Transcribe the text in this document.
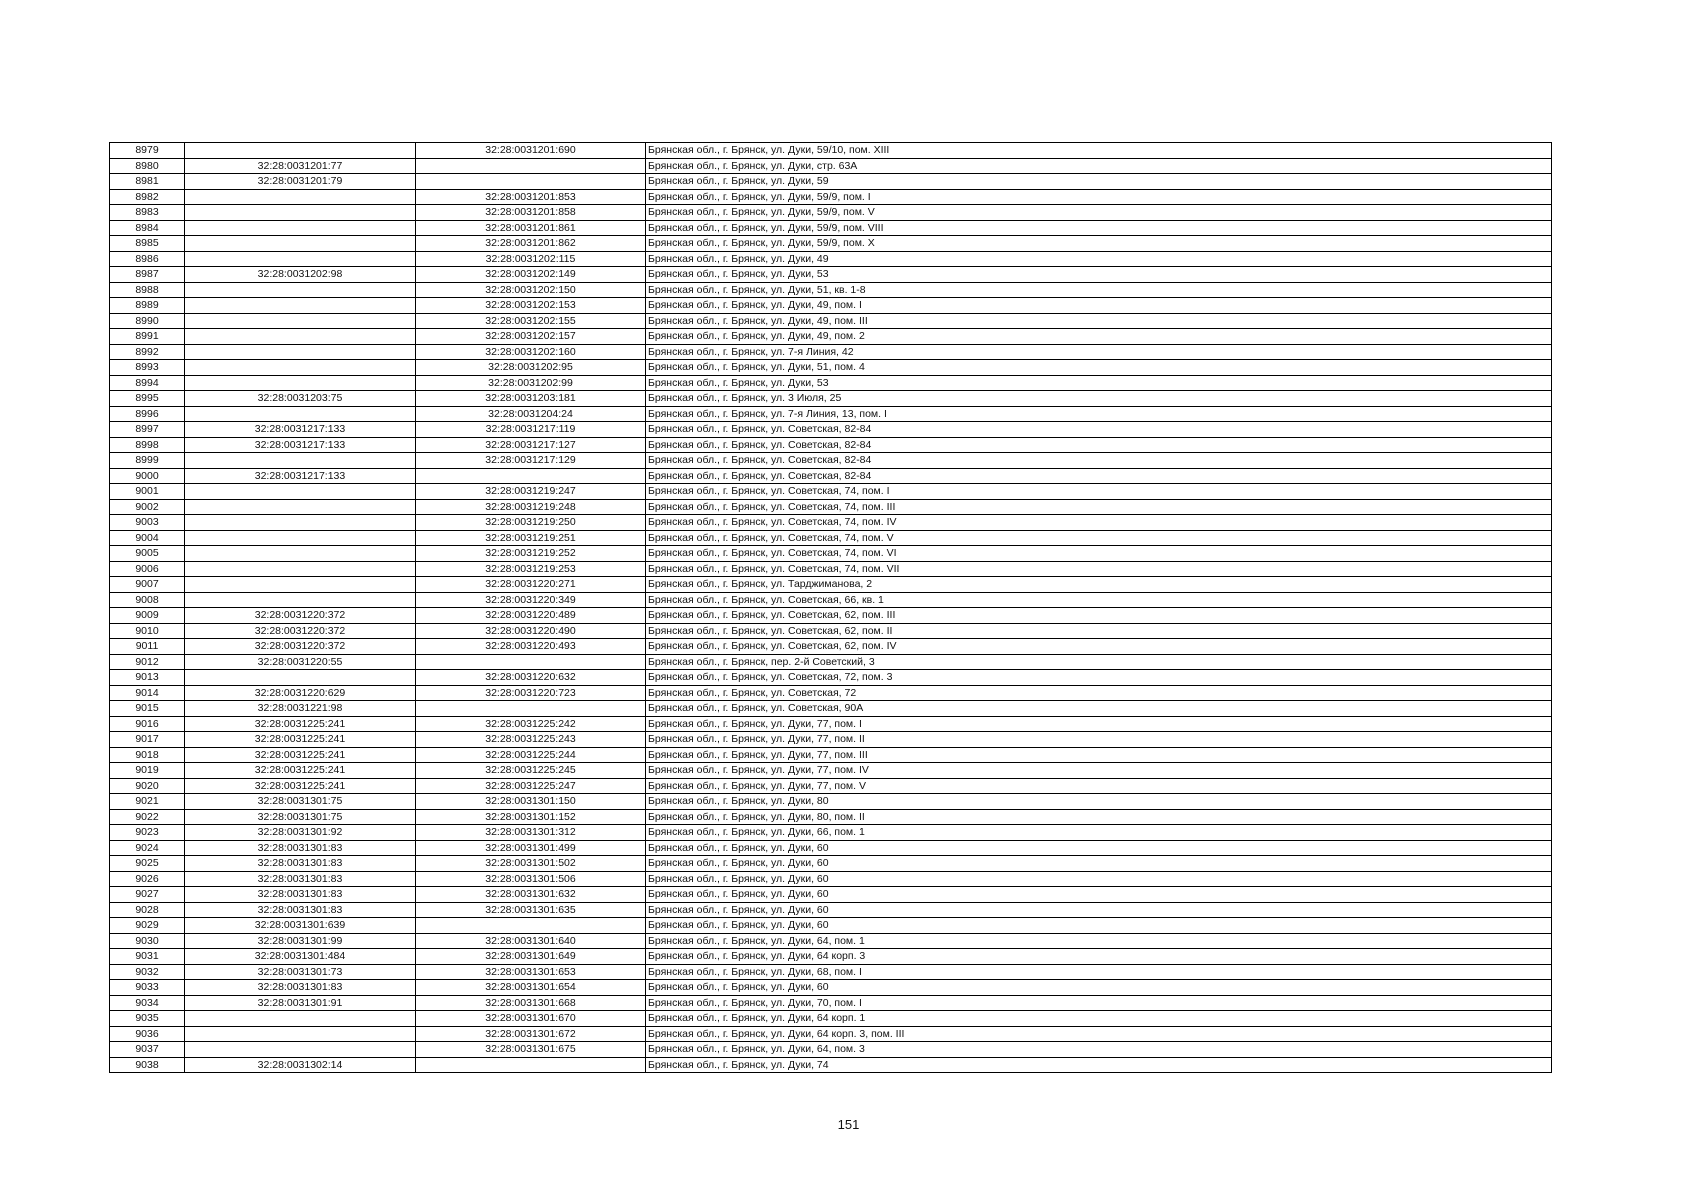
8979		32:28:0031201:690	Брянская обл., г. Брянск, ул. Дуки, 59/10, пом. XIII
8980	32:28:0031201:77		Брянская обл., г. Брянск, ул. Дуки, стр. 63А
8981	32:28:0031201:79		Брянская обл., г. Брянск, ул. Дуки, 59
8982		32:28:0031201:853	Брянская обл., г. Брянск, ул. Дуки, 59/9, пом. I
8983		32:28:0031201:858	Брянская обл., г. Брянск, ул. Дуки, 59/9, пом. V
8984		32:28:0031201:861	Брянская обл., г. Брянск, ул. Дуки, 59/9, пом. VIII
8985		32:28:0031201:862	Брянская обл., г. Брянск, ул. Дуки, 59/9, пом. X
8986		32:28:0031202:115	Брянская обл., г. Брянск, ул. Дуки, 49
8987	32:28:0031202:98	32:28:0031202:149	Брянская обл., г. Брянск, ул. Дуки, 53
8988		32:28:0031202:150	Брянская обл., г. Брянск, ул. Дуки, 51, кв. 1-8
8989		32:28:0031202:153	Брянская обл., г. Брянск, ул. Дуки, 49, пом. I
8990		32:28:0031202:155	Брянская обл., г. Брянск, ул. Дуки, 49, пом. III
8991		32:28:0031202:157	Брянская обл., г. Брянск, ул. Дуки, 49, пом. 2
8992		32:28:0031202:160	Брянская обл., г. Брянск, ул. 7-я Линия, 42
8993		32:28:0031202:95	Брянская обл., г. Брянск, ул. Дуки, 51, пом. 4
8994		32:28:0031202:99	Брянская обл., г. Брянск, ул. Дуки, 53
8995	32:28:0031203:75	32:28:0031203:181	Брянская обл., г. Брянск, ул. 3 Июля, 25
8996		32:28:0031204:24	Брянская обл., г. Брянск, ул. 7-я Линия, 13, пом. I
8997	32:28:0031217:133	32:28:0031217:119	Брянская обл., г. Брянск, ул. Советская, 82-84
8998	32:28:0031217:133	32:28:0031217:127	Брянская обл., г. Брянск, ул. Советская, 82-84
8999		32:28:0031217:129	Брянская обл., г. Брянск, ул. Советская, 82-84
9000	32:28:0031217:133		Брянская обл., г. Брянск, ул. Советская, 82-84
9001		32:28:0031219:247	Брянская обл., г. Брянск, ул. Советская, 74, пом. I
9002		32:28:0031219:248	Брянская обл., г. Брянск, ул. Советская, 74, пом. III
9003		32:28:0031219:250	Брянская обл., г. Брянск, ул. Советская, 74, пом. IV
9004		32:28:0031219:251	Брянская обл., г. Брянск, ул. Советская, 74, пом. V
9005		32:28:0031219:252	Брянская обл., г. Брянск, ул. Советская, 74, пом. VI
9006		32:28:0031219:253	Брянская обл., г. Брянск, ул. Советская, 74, пом. VII
9007		32:28:0031220:271	Брянская обл., г. Брянск, ул. Тарджиманова, 2
9008		32:28:0031220:349	Брянская обл., г. Брянск, ул. Советская, 66, кв. 1
9009	32:28:0031220:372	32:28:0031220:489	Брянская обл., г. Брянск, ул. Советская, 62, пом. III
9010	32:28:0031220:372	32:28:0031220:490	Брянская обл., г. Брянск, ул. Советская, 62, пом. II
9011	32:28:0031220:372	32:28:0031220:493	Брянская обл., г. Брянск, ул. Советская, 62, пом. IV
9012	32:28:0031220:55		Брянская обл., г. Брянск, пер. 2-й Советский, 3
9013		32:28:0031220:632	Брянская обл., г. Брянск, ул. Советская, 72, пом. 3
9014	32:28:0031220:629	32:28:0031220:723	Брянская обл., г. Брянск, ул. Советская, 72
9015	32:28:0031221:98		Брянская обл., г. Брянск, ул. Советская, 90А
9016	32:28:0031225:241	32:28:0031225:242	Брянская обл., г. Брянск, ул. Дуки, 77, пом. I
9017	32:28:0031225:241	32:28:0031225:243	Брянская обл., г. Брянск, ул. Дуки, 77, пом. II
9018	32:28:0031225:241	32:28:0031225:244	Брянская обл., г. Брянск, ул. Дуки, 77, пом. III
9019	32:28:0031225:241	32:28:0031225:245	Брянская обл., г. Брянск, ул. Дуки, 77, пом. IV
9020	32:28:0031225:241	32:28:0031225:247	Брянская обл., г. Брянск, ул. Дуки, 77, пом. V
9021	32:28:0031301:75	32:28:0031301:150	Брянская обл., г. Брянск, ул. Дуки, 80
9022	32:28:0031301:75	32:28:0031301:152	Брянская обл., г. Брянск, ул. Дуки, 80, пом. II
9023	32:28:0031301:92	32:28:0031301:312	Брянская обл., г. Брянск, ул. Дуки, 66, пом. 1
9024	32:28:0031301:83	32:28:0031301:499	Брянская обл., г. Брянск, ул. Дуки, 60
9025	32:28:0031301:83	32:28:0031301:502	Брянская обл., г. Брянск, ул. Дуки, 60
9026	32:28:0031301:83	32:28:0031301:506	Брянская обл., г. Брянск, ул. Дуки, 60
9027	32:28:0031301:83	32:28:0031301:632	Брянская обл., г. Брянск, ул. Дуки, 60
9028	32:28:0031301:83	32:28:0031301:635	Брянская обл., г. Брянск, ул. Дуки, 60
9029	32:28:0031301:639		Брянская обл., г. Брянск, ул. Дуки, 60
9030	32:28:0031301:99	32:28:0031301:640	Брянская обл., г. Брянск, ул. Дуки, 64, пом. 1
9031	32:28:0031301:484	32:28:0031301:649	Брянская обл., г. Брянск, ул. Дуки, 64 корп. 3
9032	32:28:0031301:73	32:28:0031301:653	Брянская обл., г. Брянск, ул. Дуки, 68, пом. I
9033	32:28:0031301:83	32:28:0031301:654	Брянская обл., г. Брянск, ул. Дуки, 60
9034	32:28:0031301:91	32:28:0031301:668	Брянская обл., г. Брянск, ул. Дуки, 70, пом. I
9035		32:28:0031301:670	Брянская обл., г. Брянск, ул. Дуки, 64 корп. 1
9036		32:28:0031301:672	Брянская обл., г. Брянск, ул. Дуки, 64 корп. 3, пом. III
9037		32:28:0031301:675	Брянская обл., г. Брянск, ул. Дуки, 64, пом. 3
9038	32:28:0031302:14		Брянская обл., г. Брянск, ул. Дуки, 74
151
